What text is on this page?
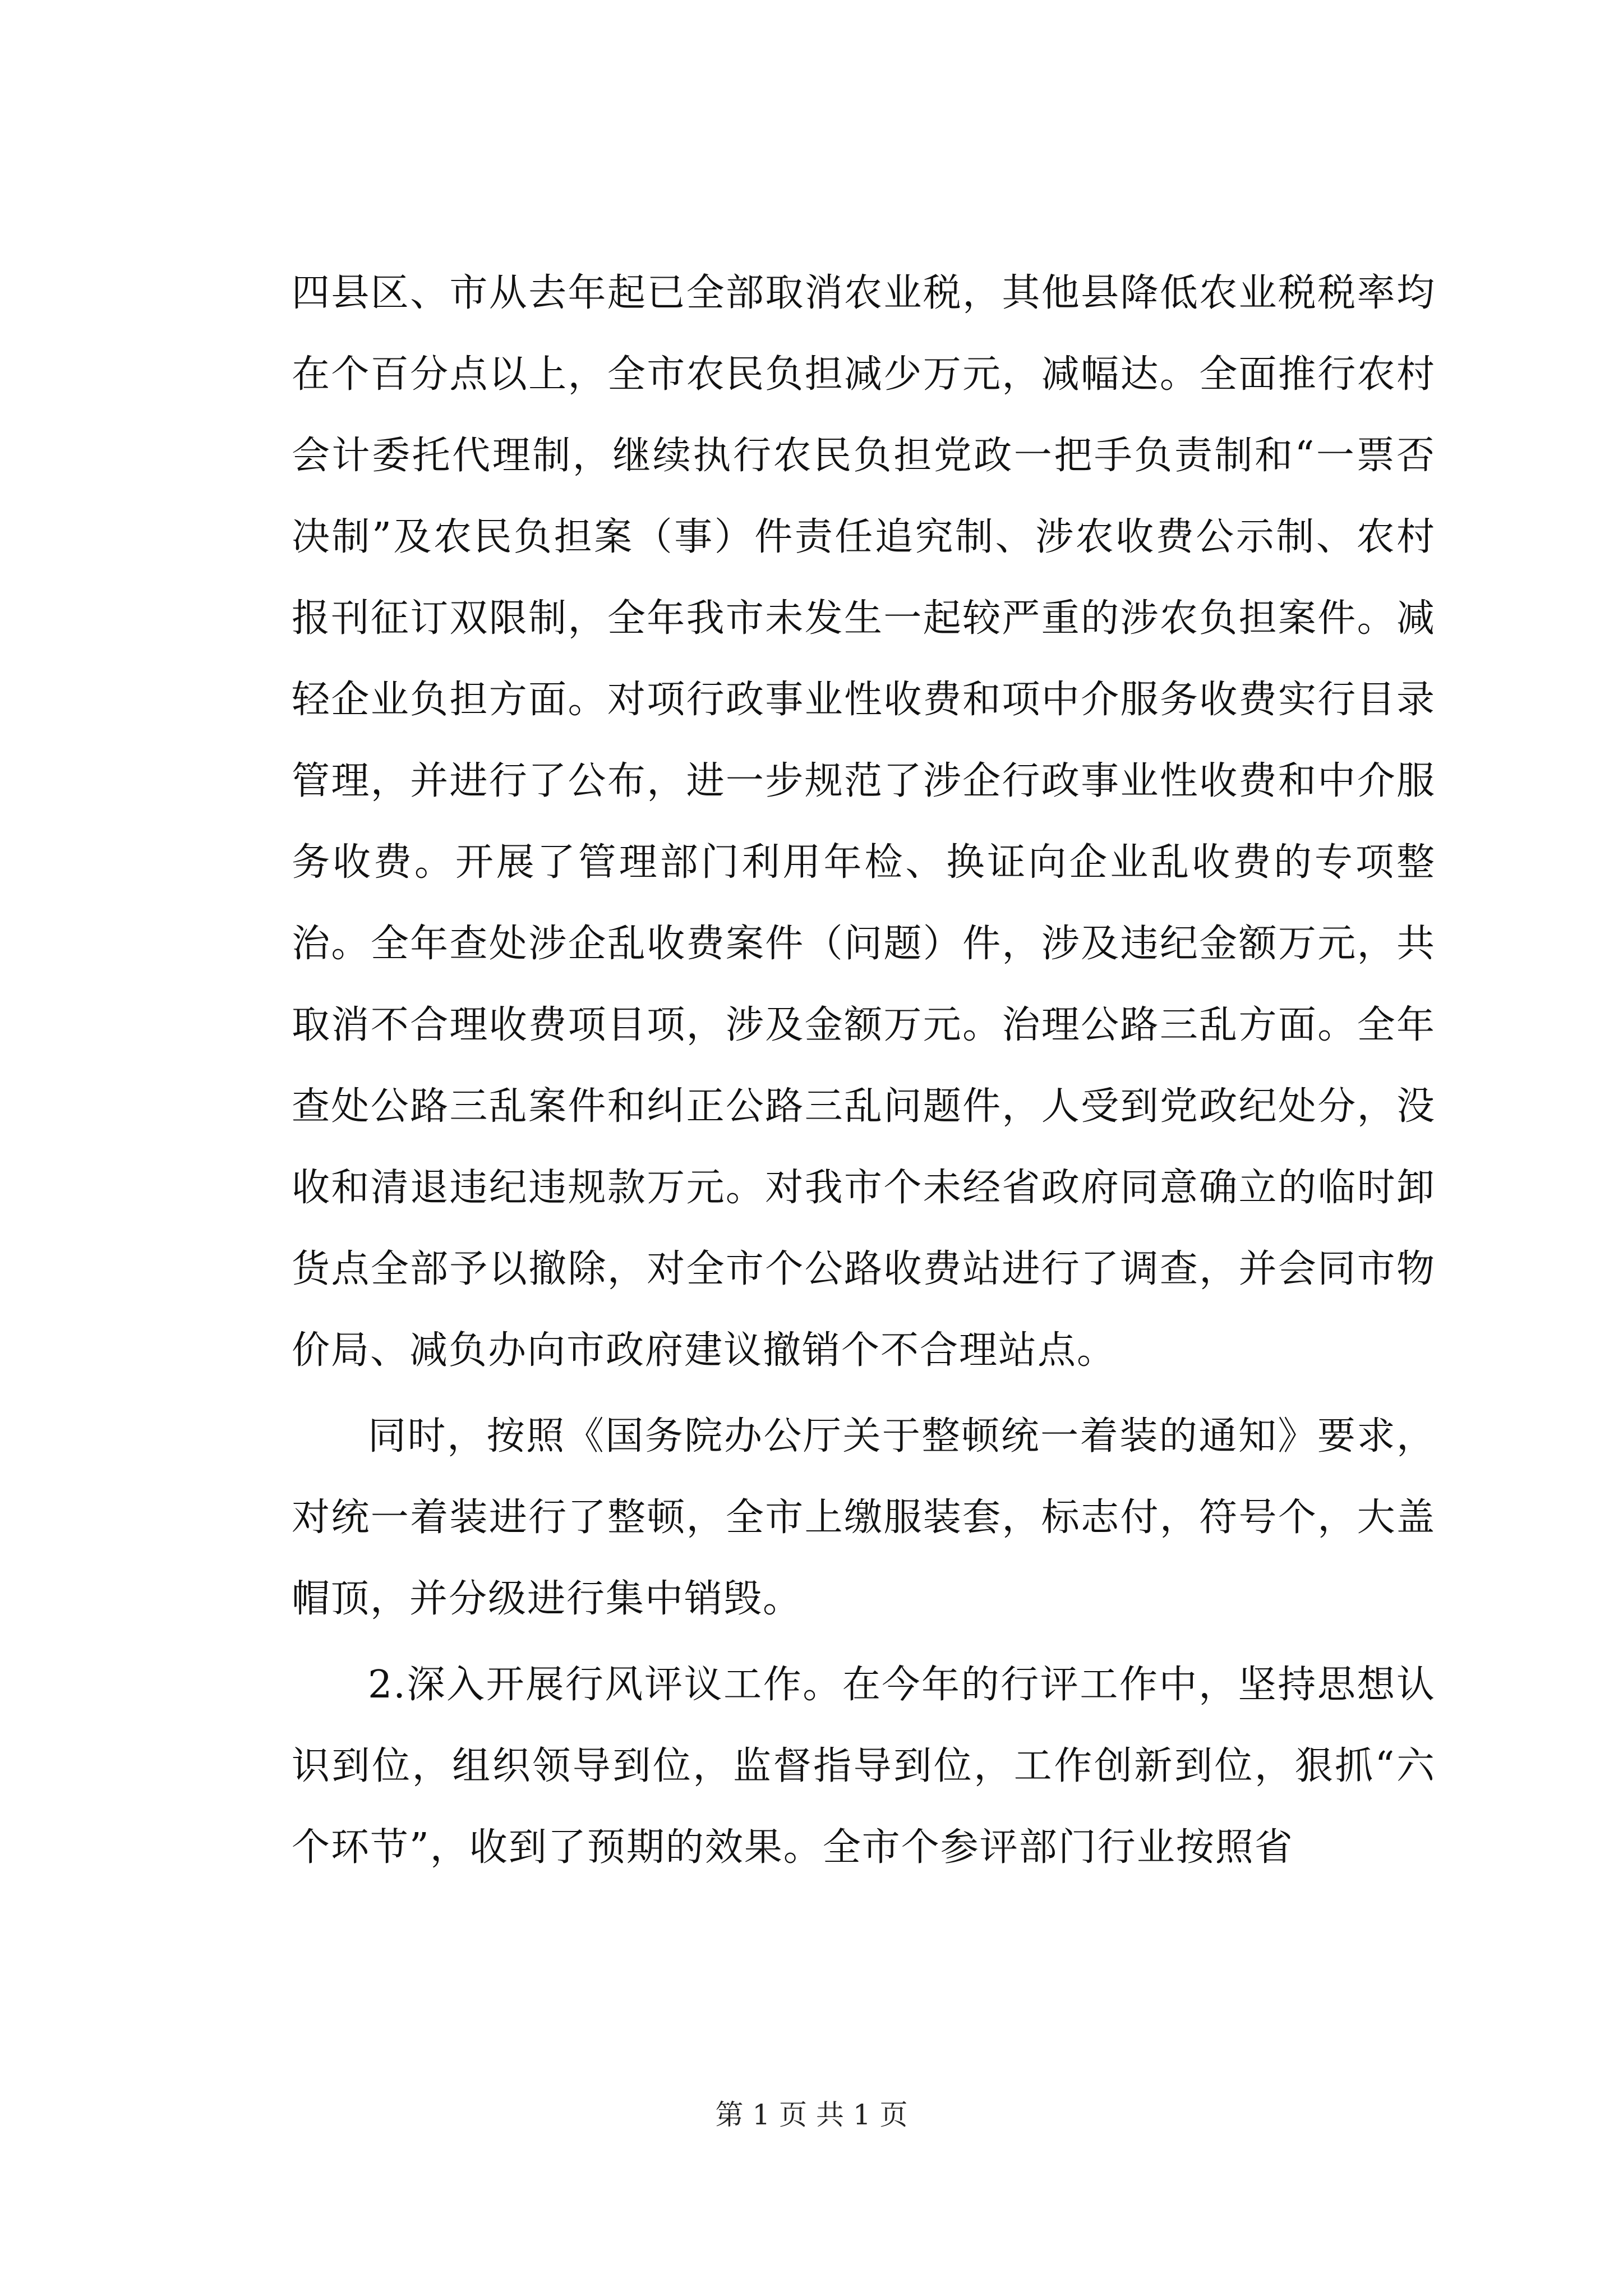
四县区、市从去年起已全部取消农业税，其他县降低农业税税率均在个百分点以上，全市农民负担减少万元，减幅达。全面推行农村会计委托代理制，继续执行农民负担党政一把手负责制和“一票否决制”及农民负担案（事）件责任追究制、涉农收费公示制、农村报刊征订双限制，全年我市未发生一起较严重的涉农负担案件。减轻企业负担方面。对项行政事业性收费和项中介服务收费实行目录管理，并进行了公布，进一步规范了涉企行政事业性收费和中介服务收费。开展了管理部门利用年检、换证向企业乱收费的专项整治。全年查处涉企乱收费案件（问题）件，涉及违纪金额万元，共取消不合理收费项目项，涉及金额万元。治理公路三乱方面。全年查处公路三乱案件和纠正公路三乱问题件，人受到党政纪处分，没收和清退违纪违规款万元。对我市个未经省政府同意确立的临时卸货点全部予以撤除，对全市个公路收费站进行了调查，并会同市物价局、减负办向市政府建议撤销个不合理站点。

同时，按照《国务院办公厅关于整顿统一着装的通知》要求，对统一着装进行了整顿，全市上缴服装套，标志付，符号个，大盖帽顶，并分级进行集中销毁。

2.深入开展行风评议工作。在今年的行评工作中，坚持思想认识到位，组织领导到位，监督指导到位，工作创新到位，狠抓“六个环节”，收到了预期的效果。全市个参评部门行业按照省

第 1 页 共 1 页
